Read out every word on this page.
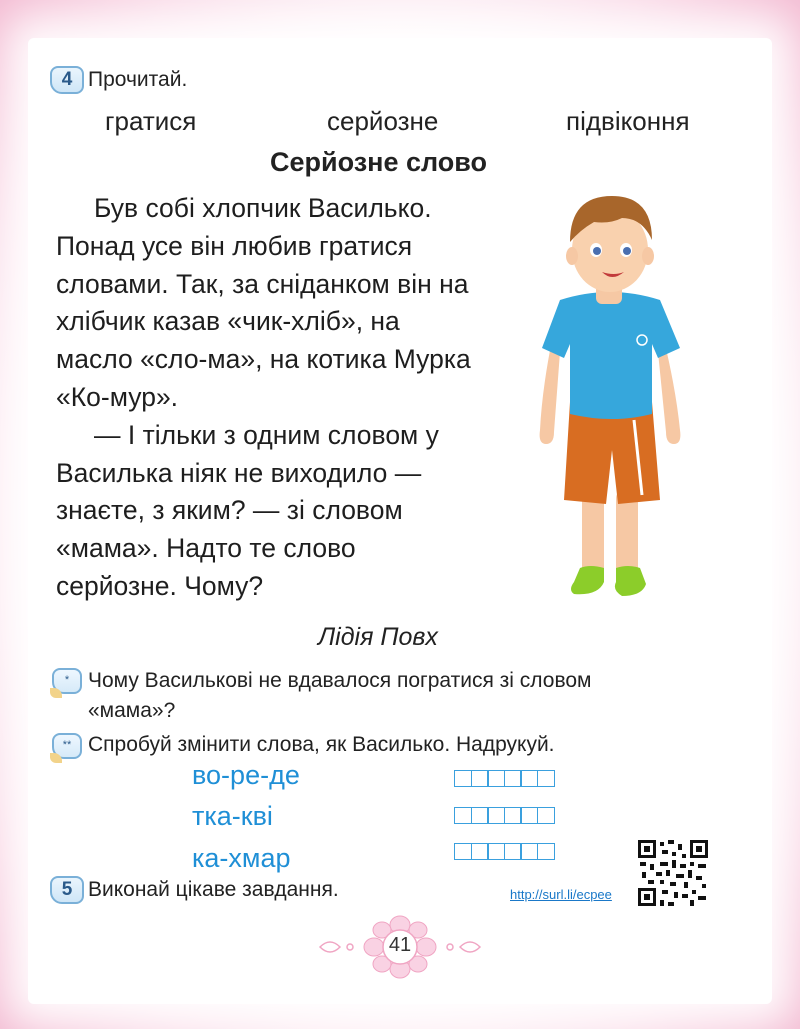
4 Прочитай.
гратися	серйозне	підвіконня
Серйозне слово
Був собі хлопчик Василько.
Понад усе він любив гратися
словами. Так, за сніданком він на
хлібчик казав «чик-хліб», на
масло «сло-ма», на котика Мурка
«Ко-мур».
— І тільки з одним словом у
Василька ніяк не виходило —
знаєте, з яким? — зі словом
«мама». Надто те слово
серйозне. Чому?
Лідія Повх
* Чому Василькові не вдавалося погратися зі словом
«мама»?
** Спробуй змінити слова, як Василько. Надрукуй.
во-ре-де
тка-кві
ка-хмар
5 Виконай цікаве завдання.	http://surl.li/ecpee
41
